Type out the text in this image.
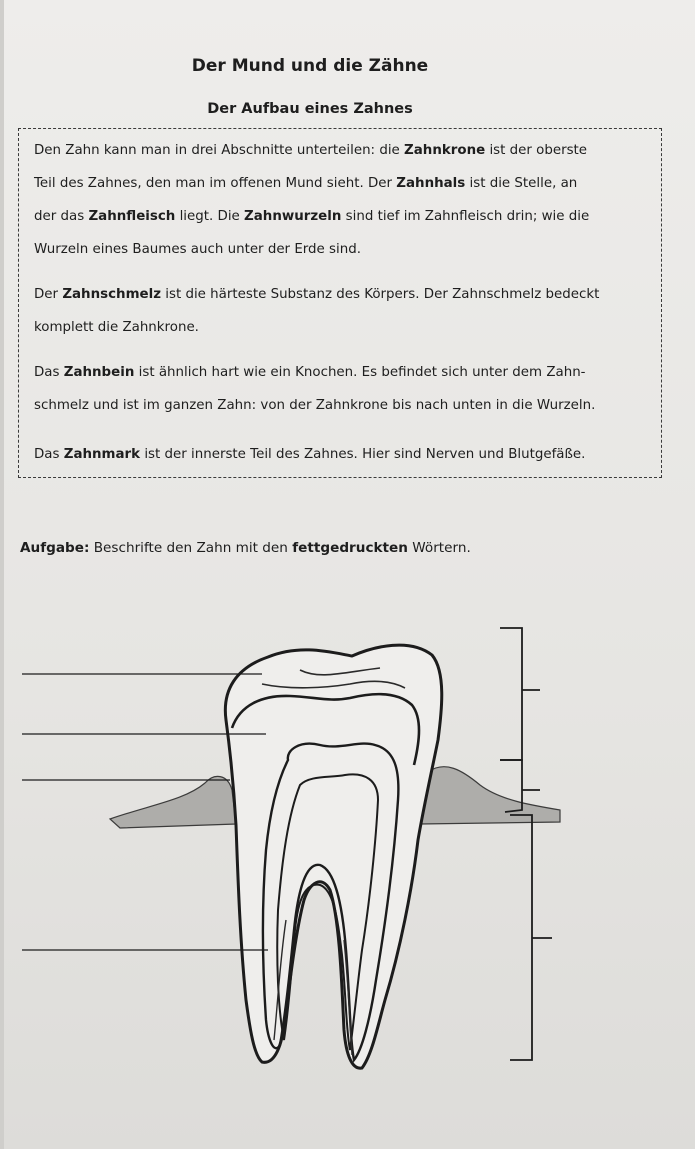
Der Mund und die Zähne
Der Aufbau eines Zahnes
Den Zahn kann man in drei Abschnitte unterteilen: die Zahnkrone ist der oberste
Teil des Zahnes, den man im offenen Mund sieht. Der Zahnhals ist die Stelle, an
der das Zahnfleisch liegt. Die Zahnwurzeln sind tief im Zahnfleisch drin; wie die
Wurzeln eines Baumes auch unter der Erde sind.
Der Zahnschmelz ist die härteste Substanz des Körpers. Der Zahnschmelz bedeckt
komplett die Zahnkrone.
Das Zahnbein ist ähnlich hart wie ein Knochen. Es befindet sich unter dem Zahn-
schmelz und ist im ganzen Zahn: von der Zahnkrone bis nach unten in die Wurzeln.
Das Zahnmark ist der innerste Teil des Zahnes. Hier sind Nerven und Blutgefäße.
Aufgabe: Beschrifte den Zahn mit den fettgedruckten Wörtern.
